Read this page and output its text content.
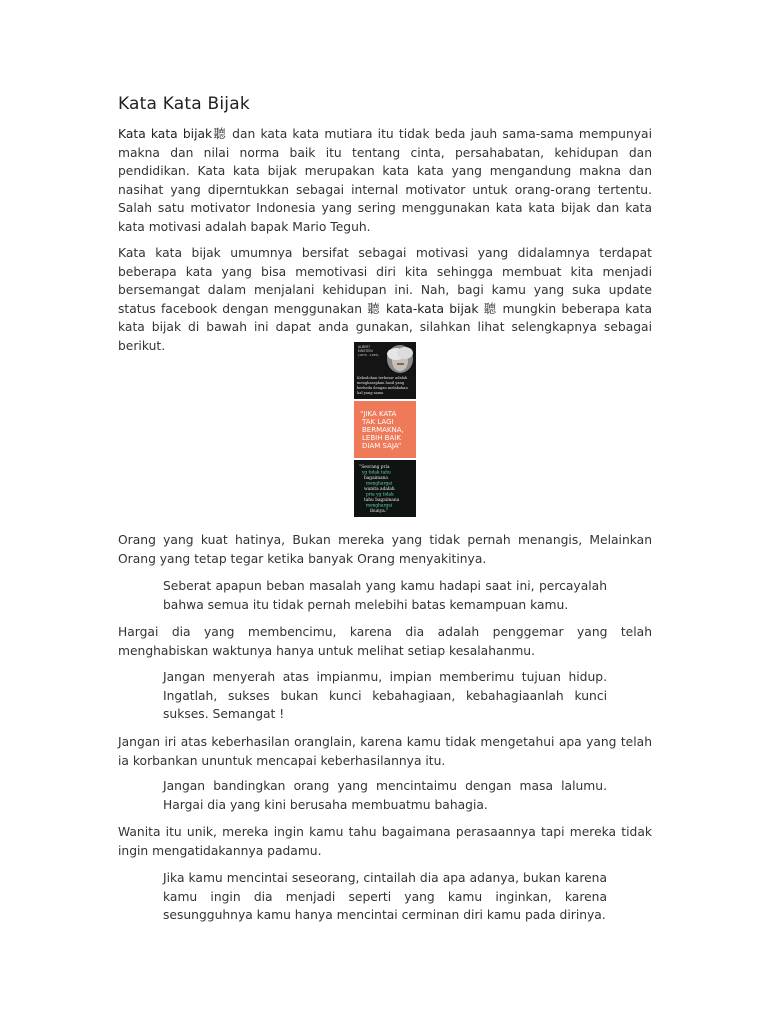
Kata Kata Bijak

Kata kata bijak聽 dan kata kata mutiara itu tidak beda jauh sama-sama mempunyai makna dan nilai norma baik itu tentang cinta, persahabatan, kehidupan dan pendidikan. Kata kata bijak merupakan kata kata yang mengandung makna dan nasihat yang diperntukkan sebagai internal motivator untuk orang-orang tertentu. Salah satu motivator Indonesia yang sering menggunakan kata kata bijak dan kata kata motivasi adalah bapak Mario Teguh.

Kata kata bijak umumnya bersifat sebagai motivasi yang didalamnya terdapat beberapa kata yang bisa memotivasi diri kita sehingga membuat kita menjadi bersemangat dalam menjalani kehidupan ini. Nah, bagi kamu yang suka update status facebook dengan menggunakan 聽 kata-kata bijak 聽 mungkin beberapa kata kata bijak di bawah ini dapat anda gunakan, silahkan lihat selengkapnya sebagai berikut.	ALBERT
EINSTEIN
(1879 - 1955)
Kebodohan terbesar adalah
mengharapkan hasil yang
berbeda dengan melakukan
hal yang sama
“JIKA KATA
TAK LAGI
BERMAKNA,
LEBIH BAIK
DIAM SAJA”
“Seorang pria
yg tidak tahu
bagaimana
menghargai
wanita adalah
pria yg tidak
tahu bagaimana
menghargai
ibunya.”

Orang yang kuat hatinya, Bukan mereka yang tidak pernah menangis, Melainkan Orang yang tetap tegar ketika banyak Orang menyakitinya.

Seberat apapun beban masalah yang kamu hadapi saat ini, percayalah bahwa semua itu tidak pernah melebihi batas kemampuan kamu.

Hargai dia yang membencimu, karena dia adalah penggemar yang telah menghabiskan waktunya hanya untuk melihat setiap kesalahanmu.

Jangan menyerah atas impianmu, impian memberimu tujuan hidup. Ingatlah, sukses bukan kunci kebahagiaan, kebahagiaanlah kunci sukses. Semangat !

Jangan iri atas keberhasilan oranglain, karena kamu tidak mengetahui apa yang telah ia korbankan ununtuk mencapai keberhasilannya itu.

Jangan bandingkan orang yang mencintaimu dengan masa lalumu. Hargai dia yang kini berusaha membuatmu bahagia.

Wanita itu unik, mereka ingin kamu tahu bagaimana perasaannya tapi mereka tidak ingin mengatidakannya padamu.

Jika kamu mencintai seseorang, cintailah dia apa adanya, bukan karena kamu ingin dia menjadi seperti yang kamu inginkan, karena sesungguhnya kamu hanya mencintai cerminan diri kamu pada dirinya.
